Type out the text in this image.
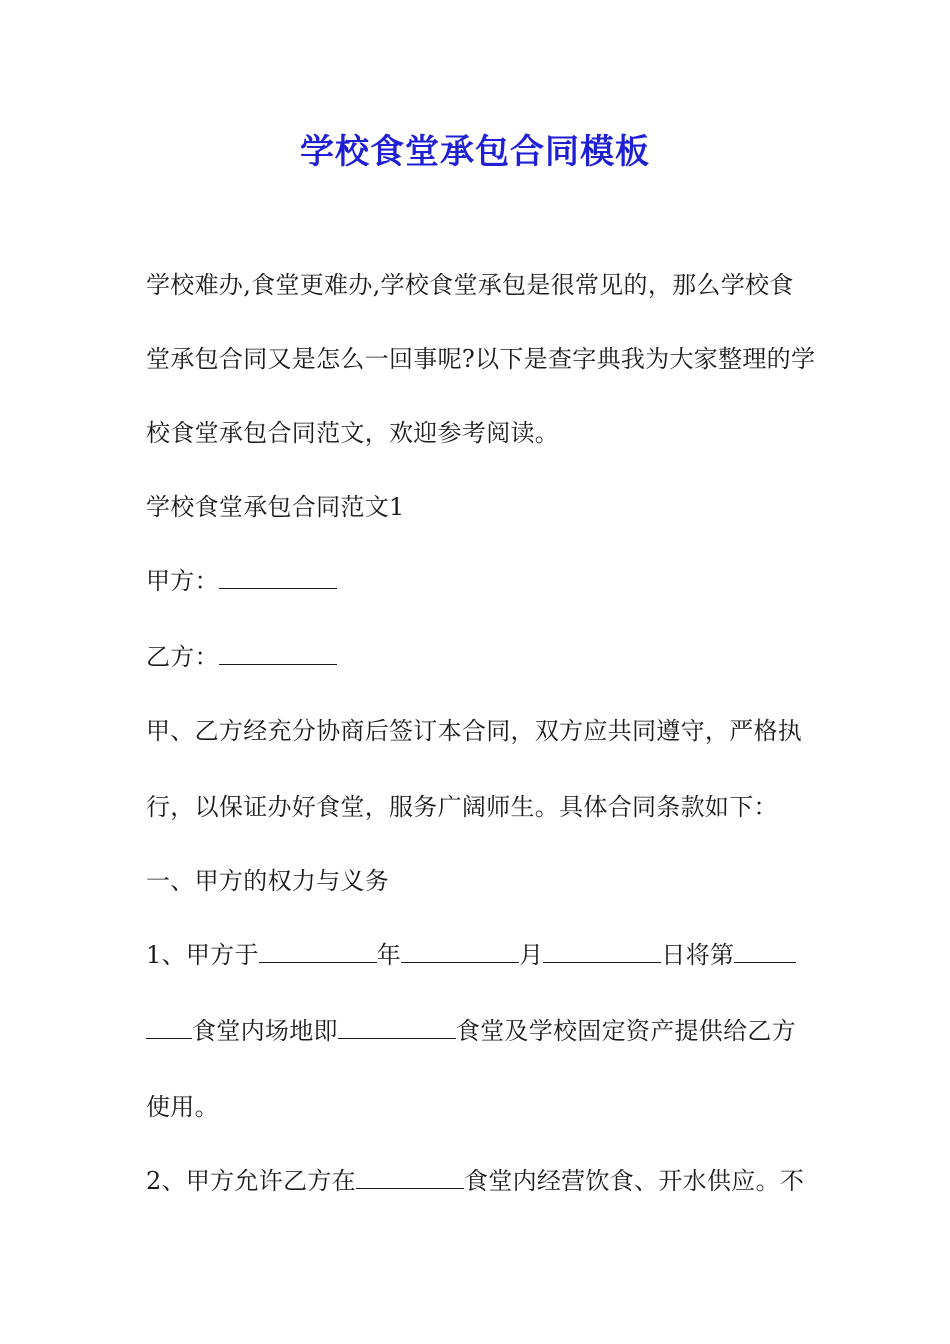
学校食堂承包合同模板
学校难办,食堂更难办,学校食堂承包是很常见的，那么学校食
堂承包合同又是怎么一回事呢?以下是查字典我为大家整理的学
校食堂承包合同范文，欢迎参考阅读。
学校食堂承包合同范文1
甲方：
乙方：
甲、乙方经充分协商后签订本合同，双方应共同遵守，严格执
行，以保证办好食堂，服务广阔师生。具体合同条款如下：
一、甲方的权力与义务
1、甲方于	年	月	日将第
食堂内场地即	食堂及学校固定资产提供给乙方
使用。
2、甲方允许乙方在	食堂内经营饮食、开水供应。不
